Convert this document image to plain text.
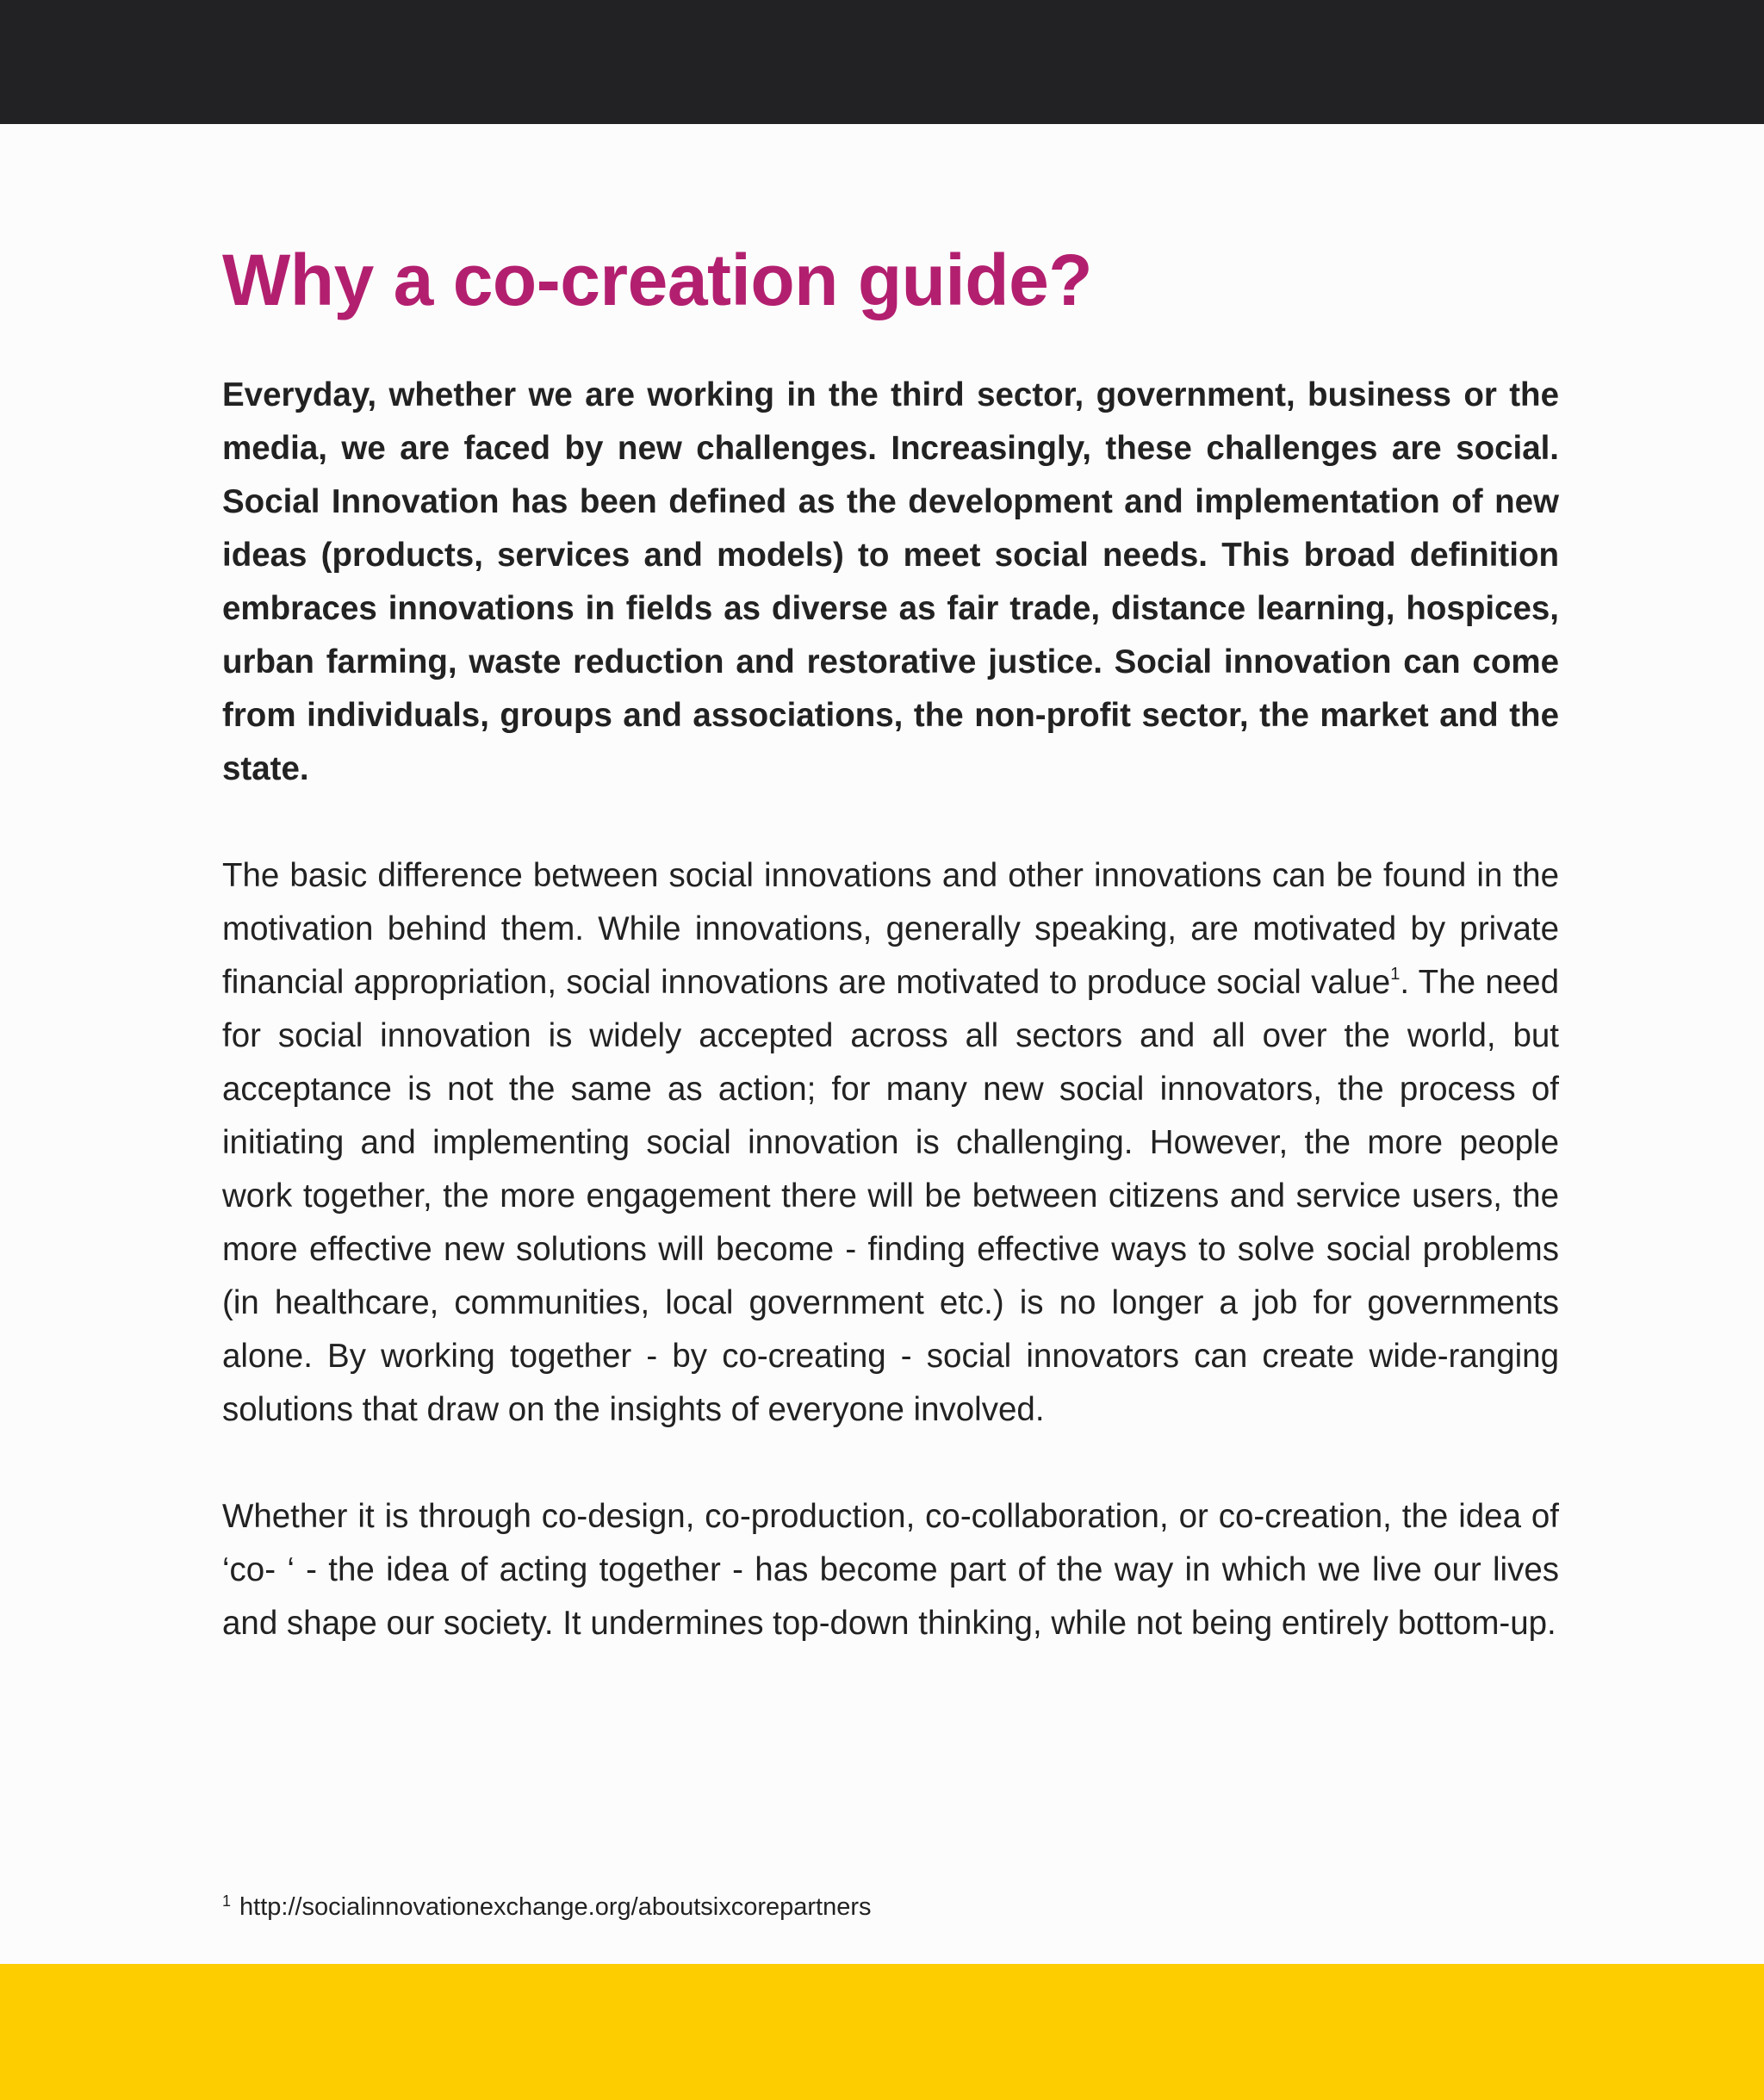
Why a co-creation guide?

Everyday, whether we are working in the third sector, government, business or the media, we are faced by new challenges. Increasingly, these challenges are social. Social Innovation has been defined as the development and implementation of new ideas (products, services and models) to meet social needs. This broad definition embraces innovations in fields as diverse as fair trade, distance learning, hospices, urban farming, waste reduction and restorative justice. Social innovation can come from individuals, groups and associations, the non-profit sector, the market and the state.

The basic difference between social innovations and other innovations can be found in the motivation behind them. While innovations, generally speaking, are motivated by private financial appropriation, social innovations are motivated to produce social value$^1$. The need for social innovation is widely accepted across all sectors and all over the world, but acceptance is not the same as action; for many new social innovators, the process of initiating and implementing social innovation is challenging. However, the more people work together, the more engagement there will be between citizens and service users, the more effective new solutions will become - finding effective ways to solve social problems (in healthcare, communities, local government etc.) is no longer a job for governments alone. By working together - by co-creating - social innovators can create wide-ranging solutions that draw on the insights of everyone involved.

Whether it is through co-design, co-production, co-collaboration, or co-creation, the idea of ‘co- ‘ - the idea of acting together - has become part of the way in which we live our lives and shape our society. It undermines top-down thinking, while not being entirely bottom-up.

$^1$ http://socialinnovationexchange.org/aboutsixcorepartners
